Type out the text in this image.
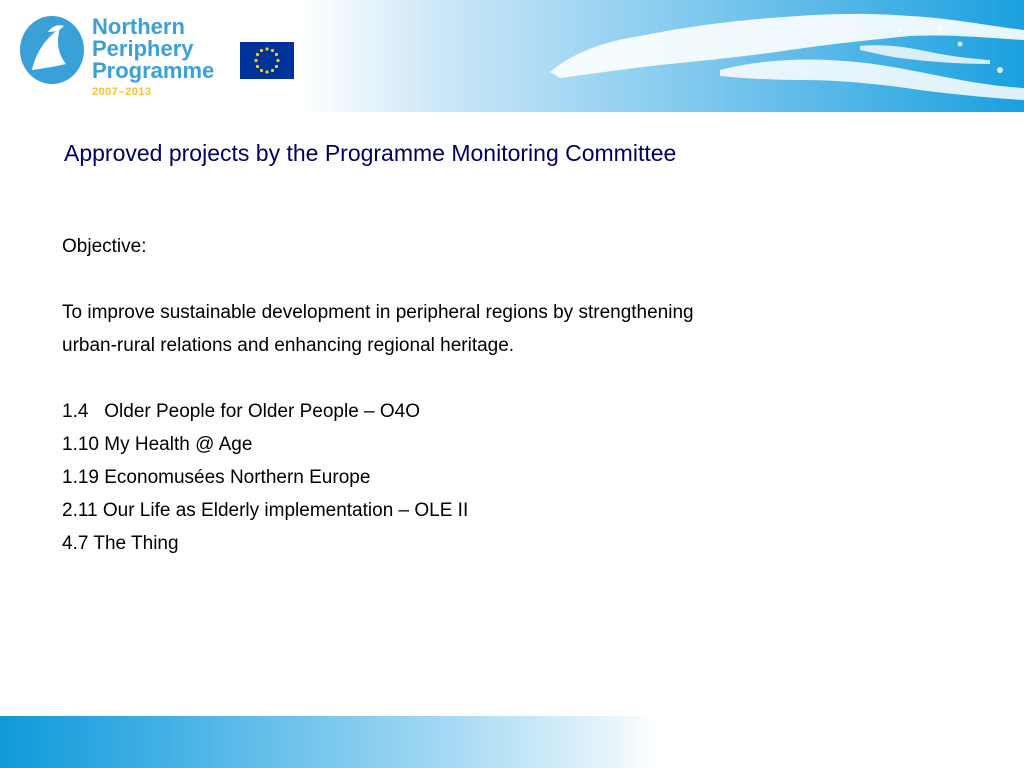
Northern
Periphery
Programme
2007–2013
Approved projects by the Programme Monitoring Committee

Objective:

To improve sustainable development in peripheral regions by strengthening

urban-rural relations and enhancing regional heritage.

1.4   Older People for Older People – O4O

1.10 My Health @ Age

1.19 Economusées Northern Europe

2.11 Our Life as Elderly implementation – OLE II

4.7 The Thing
